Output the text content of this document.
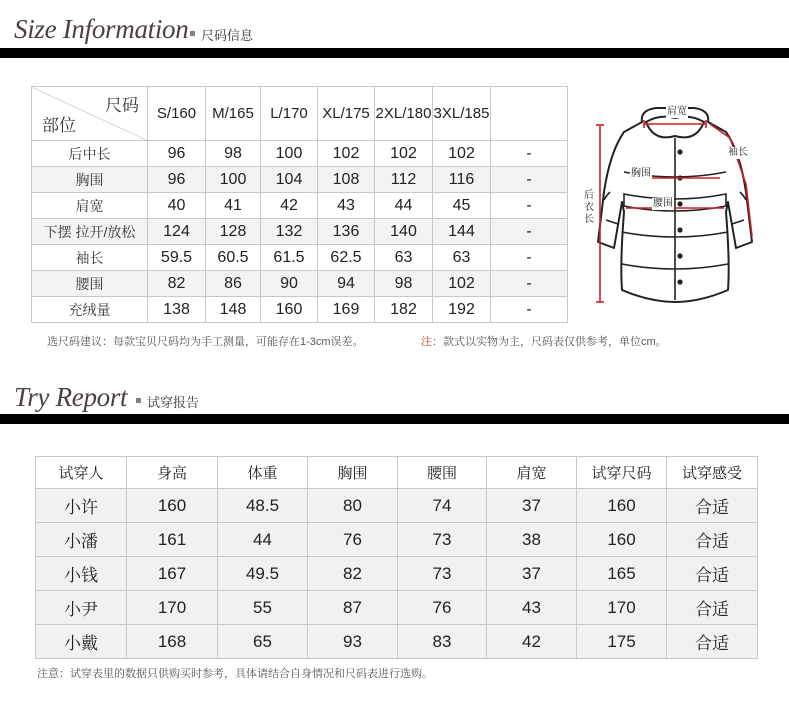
Size Information 尺码信息
尺码
部位	S/160	M/165	L/170	XL/175	2XL/180	3XL/185	
后中长	96	98	100	102	102	102	-
胸围	96	100	104	108	112	116	-
肩宽	40	41	42	43	44	45	-
下摆 拉开/放松	124	128	132	136	140	144	-
袖长	59.5	60.5	61.5	62.5	63	63	-
腰围	82	86	90	94	98	102	-
充绒量	138	148	160	169	182	192	-
选尺码建议：每款宝贝尺码均为手工测量，可能存在1-3cm误差。	注：款式以实物为主，尺码表仅供参考，单位cm。
肩宽
袖长
胸围
腰围
后衣长
Try Report 试穿报告
试穿人	身高	体重	胸围	腰围	肩宽	试穿尺码	试穿感受
小许	160	48.5	80	74	37	160	合适
小潘	161	44	76	73	38	160	合适
小钱	167	49.5	82	73	37	165	合适
小尹	170	55	87	76	43	170	合适
小戴	168	65	93	83	42	175	合适
注意：试穿表里的数据只供购买时参考，具体请结合自身情况和尺码表进行选购。
